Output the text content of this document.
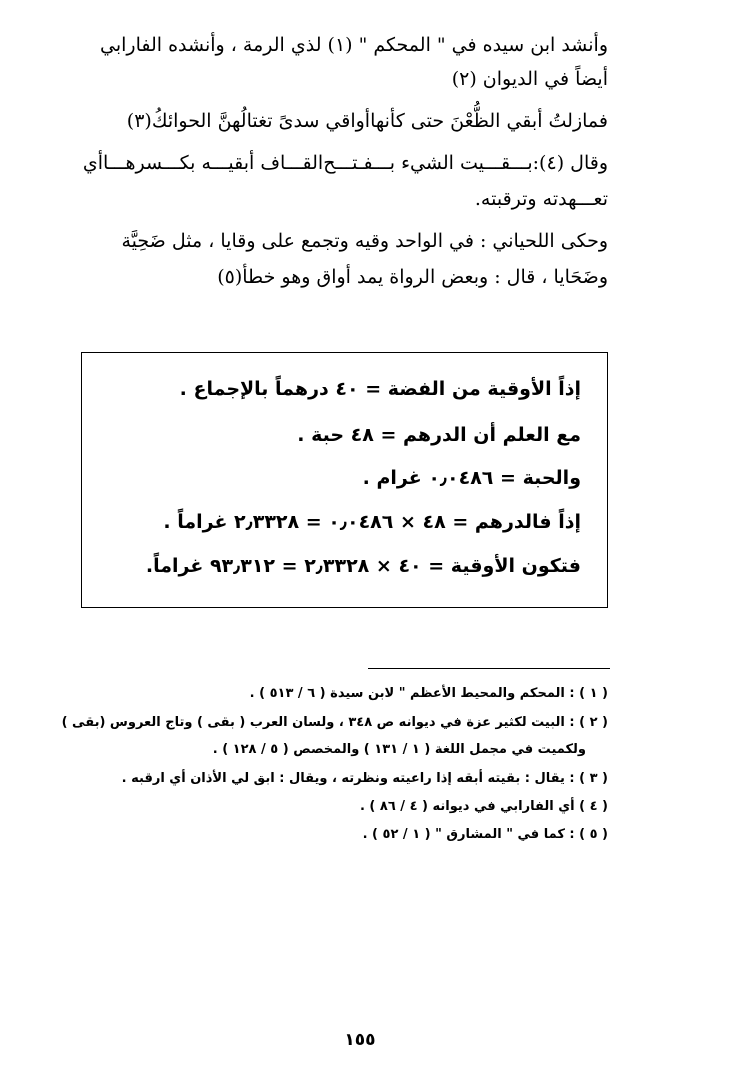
وأنشد ابن سيده في " المحكم " (١) لذي الرمة ، وأنشده الفارابي
أيضاً في الديوان (٢)
فمازلتُ أبقي الظُّعْنَ حتى كأنها
أواقي سدىً تغتالُهنَّ الحوائكُ(٣)
وقال (٤):
بـــقـــيت الشيء بـــفـتـــح
القـــاف أبقيـــه بكـــسرهـــا
أي
تعـــهدته وترقبته.
وحكى اللحياني : في الواحد وقيه وتجمع على وقايا ، مثل ضَحِيَّة
وضَحَايا ، قال : وبعض الرواة يمد أواق وهو خطأ(٥)
إذاً الأوقية من الفضة = ٤٠ درهماً بالإجماع .
مع العلم أن الدرهم = ٤٨ حبة .
والحبة = ٠٫٠٤٨٦ غرام .
إذاً فالدرهم = ٤٨ × ٠٫٠٤٨٦ = ٢٫٣٣٢٨ غراماً .
فتكون الأوقية = ٤٠ × ٢٫٣٣٢٨ = ٩٣٫٣١٢ غراماً.
( ١ ) : المحكم والمحيط الأعظم " لابن سيدة ( ٦ / ٥١٣ ) .
( ٢ ) : البيت لكثير عزة في ديوانه ص ٣٤٨ ، ولسان العرب ( بقى ) وتاج العروس (بقى )
ولكميت في مجمل اللغة ( ١ / ١٣١ ) والمخصص ( ٥ / ١٢٨ ) .
( ٣ ) : يقال : بقيته أبقه إذا راعيته ونظرته ، ويقال : ابق لي الأذان أي ارقبه .
( ٤ ) أي الفارابي في ديوانه ( ٤ / ٨٦ ) .
( ٥ ) : كما في " المشارق " ( ١ / ٥٢ ) .
١٥٥
